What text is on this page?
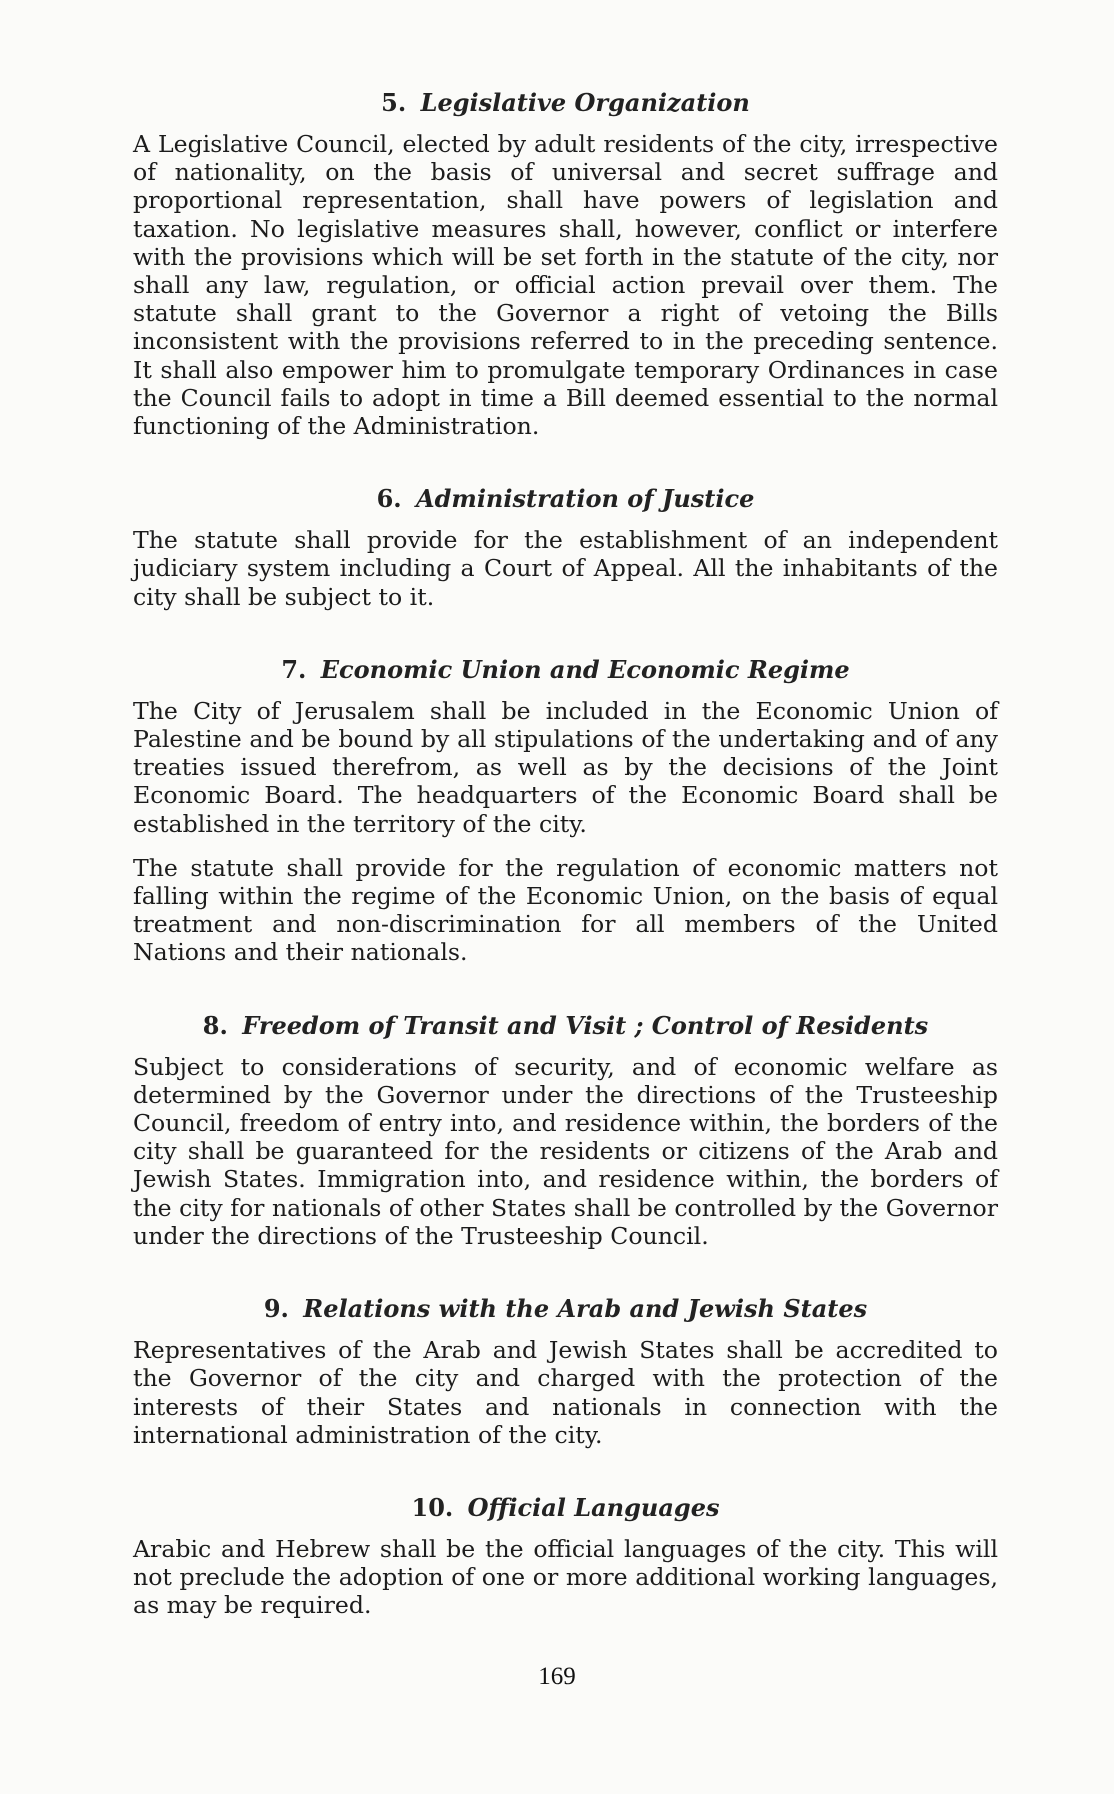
5. Legislative Organization

A Legislative Council, elected by adult residents of the city, irrespective of nationality, on the basis of universal and secret suffrage and proportional representation, shall have powers of legislation and taxation. No legislative measures shall, however, conflict or interfere with the provisions which will be set forth in the statute of the city, nor shall any law, regulation, or official action prevail over them. The statute shall grant to the Governor a right of vetoing the Bills inconsistent with the provisions referred to in the preceding sentence. It shall also empower him to promulgate temporary Ordinances in case the Council fails to adopt in time a Bill deemed essential to the normal functioning of the Administration.

6. Administration of Justice

The statute shall provide for the establishment of an independent judiciary system including a Court of Appeal. All the inhabitants of the city shall be subject to it.

7. Economic Union and Economic Regime

The City of Jerusalem shall be included in the Economic Union of Palestine and be bound by all stipulations of the undertaking and of any treaties issued therefrom, as well as by the decisions of the Joint Economic Board. The headquarters of the Economic Board shall be established in the territory of the city.

The statute shall provide for the regulation of economic matters not falling within the regime of the Economic Union, on the basis of equal treatment and non-discrimination for all members of the United Nations and their nationals.

8. Freedom of Transit and Visit ; Control of Residents

Subject to considerations of security, and of economic welfare as determined by the Governor under the directions of the Trusteeship Council, freedom of entry into, and residence within, the borders of the city shall be guaranteed for the residents or citizens of the Arab and Jewish States. Immigration into, and residence within, the borders of the city for nationals of other States shall be controlled by the Governor under the directions of the Trusteeship Council.

9. Relations with the Arab and Jewish States

Representatives of the Arab and Jewish States shall be accredited to the Governor of the city and charged with the protection of the interests of their States and nationals in connection with the international administration of the city.

10. Official Languages

Arabic and Hebrew shall be the official languages of the city. This will not preclude the adoption of one or more additional working languages, as may be required.

169
